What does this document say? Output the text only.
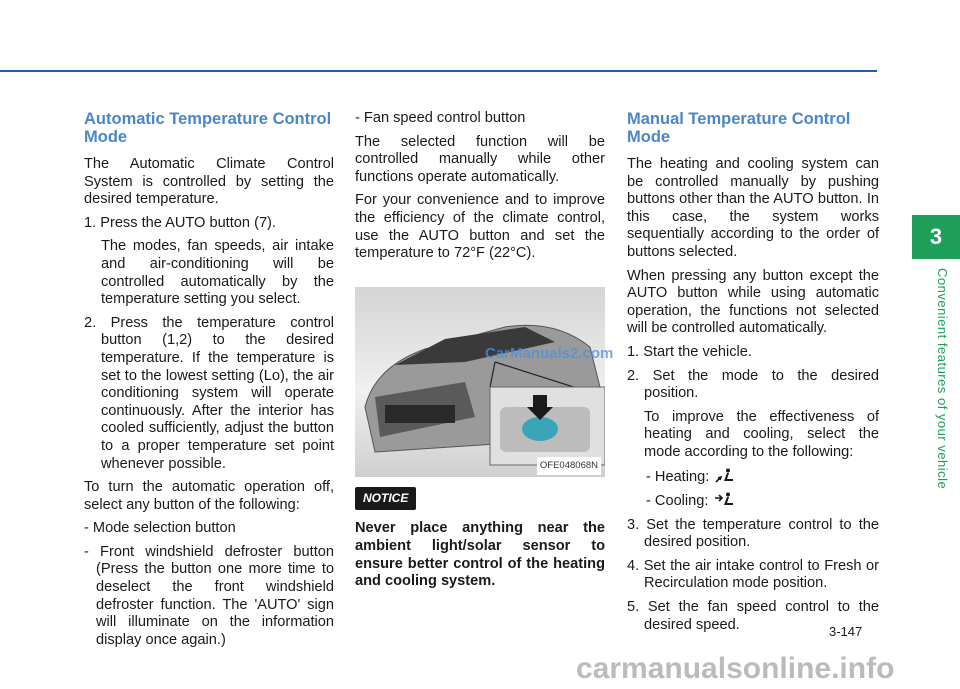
Automatic Temperature Control Mode

The Automatic Climate Control System is controlled by setting the desired temperature.

1. Press the AUTO button (7).

The modes, fan speeds, air intake and air-conditioning will be controlled automatically by the temperature setting you select.

2. Press the temperature control button (1,2) to the desired temperature. If the temperature is set to the lowest setting (Lo), the air conditioning system will operate continuously. After the interior has cooled sufficiently, adjust the button to a proper temperature set point whenever possible.

To turn the automatic operation off, select any button of the following:

- Mode selection button

- Front windshield defroster button (Press the button one more time to deselect the front windshield defroster function. The 'AUTO' sign will illuminate on the information display once again.)

- Fan speed control button

The selected function will be controlled manually while other functions operate automatically.

For your convenience and to improve the efficiency of the climate control, use the AUTO button and set the temperature to 72°F (22°C).

OFE048068N
NOTICE

Never place anything near the ambient light/solar sensor to ensure better control of the heating and cooling system.

CarManuals2.com
Manual Temperature Control Mode

The heating and cooling system can be controlled manually by pushing buttons other than the AUTO button. In this case, the system works sequentially according to the order of buttons selected.

When pressing any button except the AUTO button while using automatic operation, the functions not selected will be controlled automatically.

1. Start the vehicle.

2. Set the mode to the desired position.

To improve the effectiveness of heating and cooling, select the mode according to the following:

- Heating:

- Cooling:

3. Set the temperature control to the desired position.

4. Set the air intake control to Fresh or Recirculation mode position.

5. Set the fan speed control to the desired speed.

3
Convenient features of your vehicle
3-147
carmanualsonline.info
